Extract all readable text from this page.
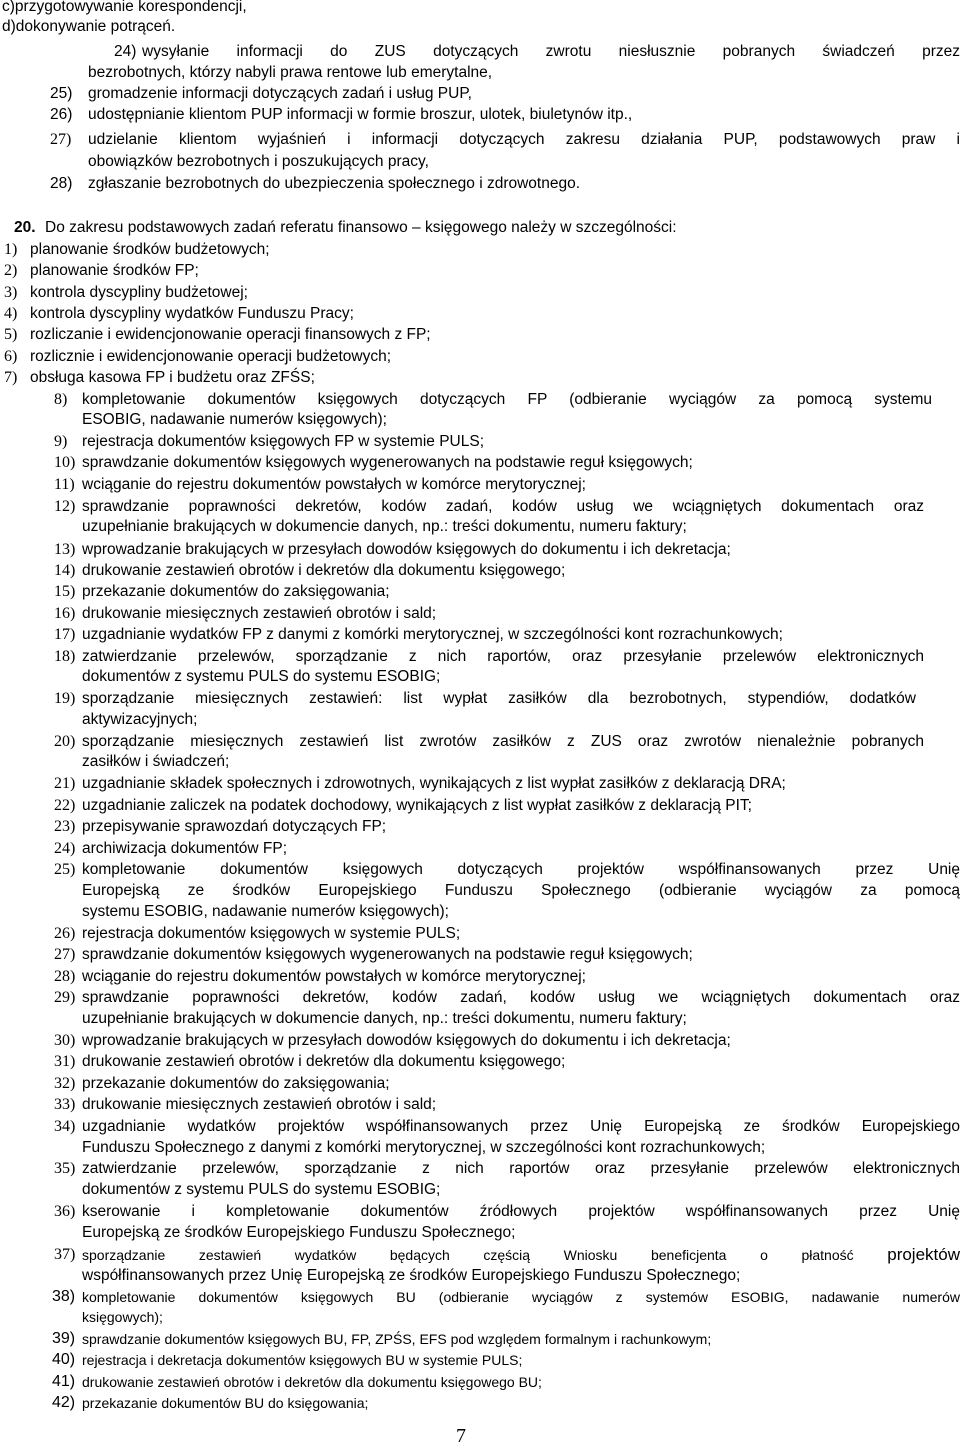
c)przygotowywanie korespondencji,
d)dokonywanie potrąceń.
24) wysyłanie informacji do ZUS dotyczących zwrotu niesłusznie pobranych świadczeń przez
bezrobotnych, którzy nabyli prawa rentowe lub emerytalne,
25) gromadzenie informacji dotyczących zadań i usług PUP,
26) udostępnianie klientom PUP informacji w formie broszur, ulotek, biuletynów itp.,
27) udzielanie klientom wyjaśnień i informacji dotyczących zakresu działania PUP, podstawowych praw i
obowiązków bezrobotnych i poszukujących pracy,
28) zgłaszanie bezrobotnych do ubezpieczenia społecznego i zdrowotnego.
20. Do zakresu podstawowych zadań referatu finansowo – księgowego należy w szczególności:
1) planowanie środków budżetowych;
2) planowanie środków FP;
3) kontrola dyscypliny budżetowej;
4) kontrola dyscypliny wydatków Funduszu Pracy;
5) rozliczanie i ewidencjonowanie operacji finansowych z FP;
6) rozlicznie i ewidencjonowanie operacji budżetowych;
7) obsługa kasowa FP i budżetu oraz ZFŚS;
8) kompletowanie dokumentów księgowych dotyczących FP (odbieranie wyciągów za pomocą systemu
ESOBIG, nadawanie numerów księgowych);
9) rejestracja dokumentów księgowych FP w systemie PULS;
10) sprawdzanie dokumentów księgowych wygenerowanych na podstawie reguł księgowych;
11) wciąganie do rejestru dokumentów powstałych w komórce merytorycznej;
12) sprawdzanie poprawności dekretów, kodów zadań, kodów usług we wciągniętych dokumentach oraz
uzupełnianie brakujących w dokumencie danych, np.: treści dokumentu, numeru faktury;
13) wprowadzanie brakujących w przesyłach dowodów księgowych do dokumentu i ich dekretacja;
14) drukowanie zestawień obrotów i dekretów dla dokumentu księgowego;
15) przekazanie dokumentów do zaksięgowania;
16) drukowanie miesięcznych zestawień obrotów i sald;
17) uzgadnianie wydatków FP z danymi z komórki merytorycznej, w szczególności kont rozrachunkowych;
18) zatwierdzanie przelewów, sporządzanie z nich raportów, oraz przesyłanie przelewów elektronicznych
dokumentów z systemu PULS do systemu ESOBIG;
19) sporządzanie miesięcznych zestawień: list wypłat zasiłków dla bezrobotnych, stypendiów, dodatków
aktywizacyjnych;
20) sporządzanie miesięcznych zestawień list zwrotów zasiłków z ZUS oraz zwrotów nienależnie pobranych
zasiłków i świadczeń;
21) uzgadnianie składek społecznych i zdrowotnych, wynikających z list wypłat zasiłków z deklaracją DRA;
22) uzgadnianie zaliczek na podatek dochodowy, wynikających z list wypłat zasiłków z deklaracją PIT;
23) przepisywanie sprawozdań dotyczących FP;
24) archiwizacja dokumentów FP;
25) kompletowanie dokumentów księgowych dotyczących projektów współfinansowanych przez Unię
Europejską ze środków Europejskiego Funduszu Społecznego (odbieranie wyciągów za pomocą
systemu ESOBIG, nadawanie numerów księgowych);
26) rejestracja dokumentów księgowych w systemie PULS;
27) sprawdzanie dokumentów księgowych wygenerowanych na podstawie reguł księgowych;
28) wciąganie do rejestru dokumentów powstałych w komórce merytorycznej;
29) sprawdzanie poprawności dekretów, kodów zadań, kodów usług we wciągniętych dokumentach oraz
uzupełnianie brakujących w dokumencie danych, np.: treści dokumentu, numeru faktury;
30) wprowadzanie brakujących w przesyłach dowodów księgowych do dokumentu i ich dekretacja;
31) drukowanie zestawień obrotów i dekretów dla dokumentu księgowego;
32) przekazanie dokumentów do zaksięgowania;
33) drukowanie miesięcznych zestawień obrotów i sald;
34) uzgadnianie wydatków projektów współfinansowanych przez Unię Europejską ze środków Europejskiego
Funduszu Społecznego z danymi z komórki merytorycznej, w szczególności kont rozrachunkowych;
35) zatwierdzanie przelewów, sporządzanie z nich raportów oraz przesyłanie przelewów elektronicznych
dokumentów z systemu PULS do systemu ESOBIG;
36) kserowanie i kompletowanie dokumentów źródłowych projektów współfinansowanych przez Unię
Europejską ze środków Europejskiego Funduszu Społecznego;
37) sporządzanie zestawień wydatków będących częścią Wniosku beneficjenta o płatność projektów
współfinansowanych przez Unię Europejską ze środków Europejskiego Funduszu Społecznego;
38) kompletowanie dokumentów księgowych BU (odbieranie wyciągów z systemów ESOBIG, nadawanie numerów
księgowych);
39) sprawdzanie dokumentów księgowych BU, FP, ZPŚS, EFS pod względem formalnym i rachunkowym;
40) rejestracja i dekretacja dokumentów księgowych BU w systemie PULS;
41) drukowanie zestawień obrotów i dekretów dla dokumentu księgowego BU;
42) przekazanie dokumentów BU do księgowania;
7
